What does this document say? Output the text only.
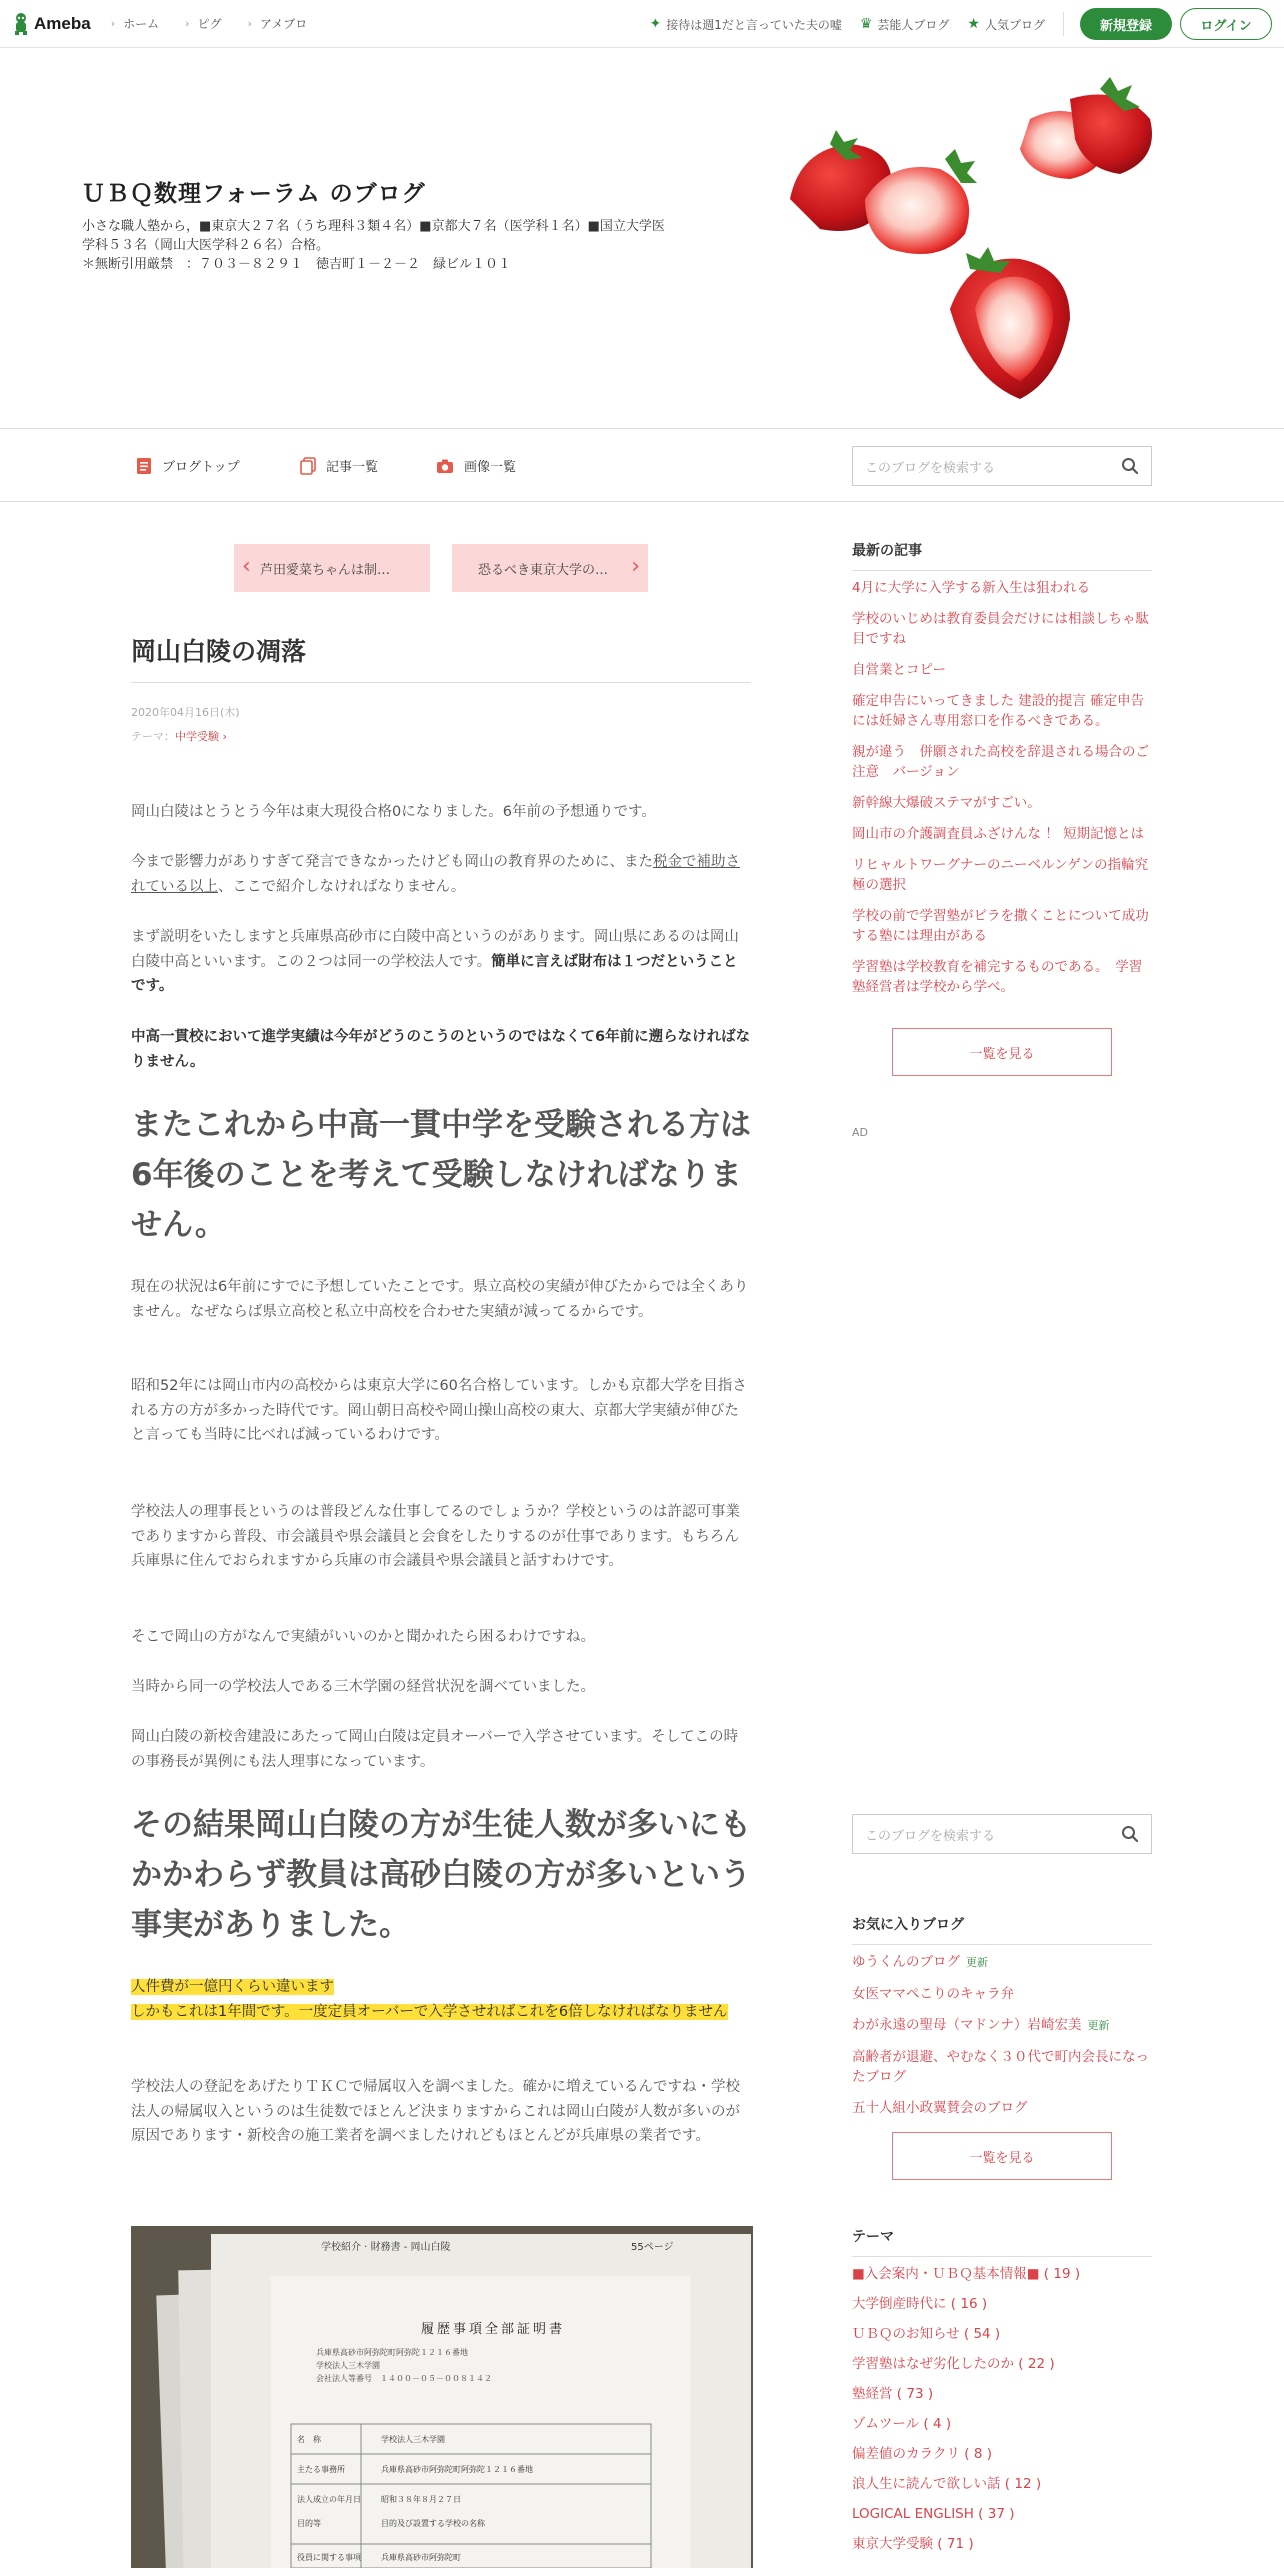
Ameba › ホーム › ピグ › アメブロ	✦ 接待は週1だと言っていた夫の嘘 ♛ 芸能人ブログ ★ 人気ブログ	新規登録	ログイン
ＵＢＱ数理フォーラム のブログ
小さな職人塾から，■東京大２７名（うち理科３類４名）■京都大７名（医学科１名）■国立大学医
学科５３名（岡山大医学科２６名）合格。
＊無断引用厳禁　：７０３－８２９１　徳吉町１－２－２　緑ビル１０１
ブログトップ	記事一覧	画像一覧	このブログを検索する
‹ 芦田愛菜ちゃんは制…	恐るべき東京大学の… ›
岡山白陵の凋落
2020年04月16日(木)
テーマ：中学受験 ›
岡山白陵はとうとう今年は東大現役合格0になりました。6年前の予想通りです。
今まで影響力がありすぎて発言できなかったけども岡山の教育界のために、また税金で補助されている以上、ここで紹介しなければなりません。
まず説明をいたしますと兵庫県高砂市に白陵中高というのがあります。岡山県にあるのは岡山白陵中高といいます。この２つは同一の学校法人です。簡単に言えば財布は１つだということです。
中高一貫校において進学実績は今年がどうのこうのというのではなくて6年前に遡らなければなりません。
またこれから中高一貫中学を受験される方は6年後のことを考えて受験しなければなりません。
現在の状況は6年前にすでに予想していたことです。県立高校の実績が伸びたからでは全くありません。なぜならば県立高校と私立中高校を合わせた実績が減ってるからです。
昭和52年には岡山市内の高校からは東京大学に60名合格しています。しかも京都大学を目指される方の方が多かった時代です。岡山朝日高校や岡山操山高校の東大、京都大学実績が伸びたと言っても当時に比べれば減っているわけです。
学校法人の理事長というのは普段どんな仕事してるのでしょうか？学校というのは許認可事業でありますから普段、市会議員や県会議員と会食をしたりするのが仕事であります。もちろん兵庫県に住んでおられますから兵庫の市会議員や県会議員と話すわけです。
そこで岡山の方がなんで実績がいいのかと聞かれたら困るわけですね。
当時から同一の学校法人である三木学園の経営状況を調べていました。
岡山白陵の新校舎建設にあたって岡山白陵は定員オーバーで入学させています。そしてこの時の事務長が異例にも法人理事になっています。
その結果岡山白陵の方が生徒人数が多いにもかかわらず教員は高砂白陵の方が多いという事実がありました。
人件費が一億円くらい違います
しかもこれは1年間です。一度定員オーバーで入学させればこれを6倍しなければなりません
学校法人の登記をあげたりＴＫＣで帰属収入を調べました。確かに増えているんですね・学校法人の帰属収入というのは生徒数でほとんど決まりますからこれは岡山白陵が人数が多いのが原因であります・新校舎の施工業者を調べましたけれどもほとんどが兵庫県の業者です。
学校紹介 · 財務書 - 岡山白陵	55ページ
履歴事項全部証明書
兵庫県高砂市阿弥陀町阿弥陀１２１６番地
学校法人三木学園
会社法人等番号　１４００－０５－００８１４２
名　称	学校法人三木学園
主たる事務所	兵庫県高砂市阿弥陀町阿弥陀１２１６番地
法人成立の年月日	昭和３８年８月２７日
目的等	目的及び設置する学校の名称
役員に関する事項	兵庫県高砂市阿弥陀町
最新の記事
4月に大学に入学する新入生は狙われる
学校のいじめは教育委員会だけには相談しちゃ駄目ですね
自営業とコピー
確定申告にいってきました 建設的提言 確定申告には妊婦さん専用窓口を作るべきである。
親が違う　併願された高校を辞退される場合のご注意　バージョン
新幹線大爆破ステマがすごい。
岡山市の介護調査員ふざけんな ！ 短期記憶とは
リヒャルトワーグナーのニーベルンゲンの指輪究極の選択
学校の前で学習塾がビラを撒くことについて成功する塾には理由がある
学習塾は学校教育を補完するものである。　学習塾経営者は学校から学べ。
一覧を見る
AD
このブログを検索する
お気に入りブログ
ゆうくんのブログ 更新
女医ママぺこりのキャラ弁
わが永遠の聖母（マドンナ）岩崎宏美 更新
高齢者が退避、やむなく３０代で町内会長になったブログ
五十人組小政翼賛会のブログ
一覧を見る
テーマ
■入会案内・ＵＢＱ基本情報■ ( 19 )
大学倒産時代に ( 16 )
ＵＢＱのお知らせ ( 54 )
学習塾はなぜ劣化したのか ( 22 )
塾経営 ( 73 )
ゾムツール ( 4 )
偏差値のカラクリ ( 8 )
浪人生に読んで欲しい話 ( 12 )
LOGICAL ENGLISH ( 37 )
東京大学受験 ( 71 )
